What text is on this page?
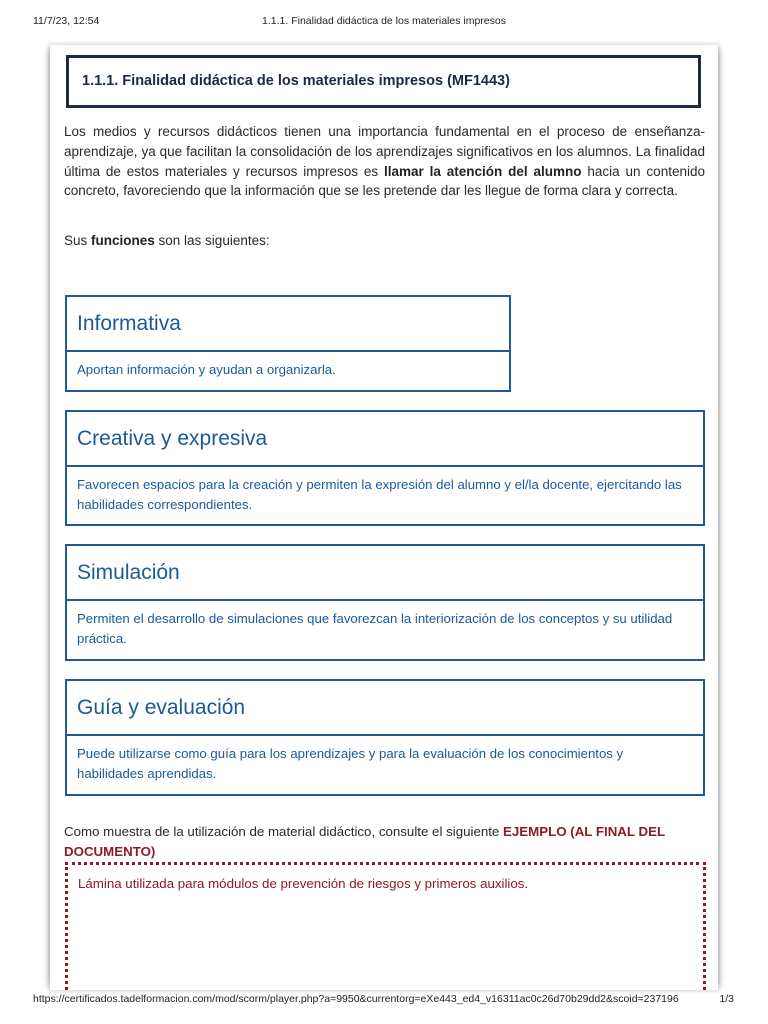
11/7/23, 12:54	1.1.1. Finalidad didáctica de los materiales impresos
1.1.1. Finalidad didáctica de los materiales impresos (MF1443)

Los medios y recursos didácticos tienen una importancia fundamental en el proceso de enseñanza-aprendizaje, ya que facilitan la consolidación de los aprendizajes significativos en los alumnos. La finalidad última de estos materiales y recursos impresos es llamar la atención del alumno hacia un contenido concreto, favoreciendo que la información que se les pretende dar les llegue de forma clara y correcta.

Sus funciones son las siguientes:

Informativa
Aportan información y ayudan a organizarla.
Creativa y expresiva
Favorecen espacios para la creación y permiten la expresión del alumno y el/la docente, ejercitando las habilidades correspondientes.
Simulación
Permiten el desarrollo de simulaciones que favorezcan la interiorización de los conceptos y su utilidad práctica.
Guía y evaluación
Puede utilizarse como guía para los aprendizajes y para la evaluación de los conocimientos y habilidades aprendidas.

Como muestra de la utilización de material didáctico, consulte el siguiente EJEMPLO (AL FINAL DEL DOCUMENTO)

Lámina utilizada para módulos de prevención de riesgos y primeros auxilios.

https://certificados.tadelformacion.com/mod/scorm/player.php?a=9950&currentorg=eXe443_ed4_v16311ac0c26d70b29dd2&scoid=237196	1/3
